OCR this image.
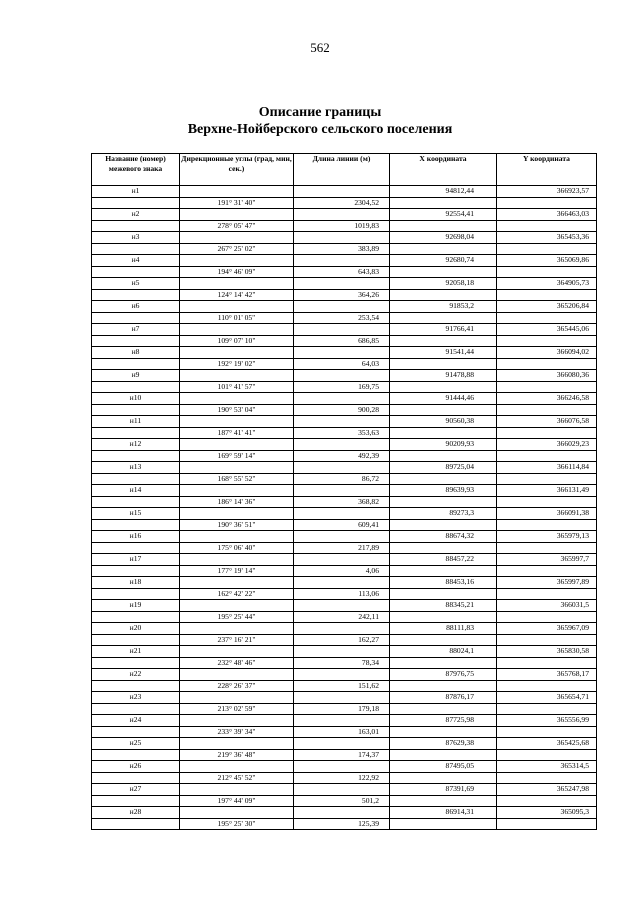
562
Описание границы
Верхне-Нойберского сельского поселения
Название (номер) межевого знака	Дирекционные углы (град, мин, сек.)	Длина линии (м)	X координата	Y координата
н1			94812,44	366923,57
	191° 31' 40"	2304,52		
н2			92554,41	366463,03
	278° 05' 47"	1019,83		
н3			92698,04	365453,36
	267° 25' 02"	383,89		
н4			92680,74	365069,86
	194° 46' 09"	643,83		
н5			92058,18	364905,73
	124° 14' 42"	364,26		
н6			91853,2	365206,84
	110° 01' 05"	253,54		
н7			91766,41	365445,06
	109° 07' 10"	686,85		
н8			91541,44	366094,02
	192° 19' 02"	64,03		
н9			91478,88	366080,36
	101° 41' 57"	169,75		
н10			91444,46	366246,58
	190° 53' 04"	900,28		
н11			90560,38	366076,58
	187° 41' 41"	353,63		
н12			90209,93	366029,23
	169° 59' 14"	492,39		
н13			89725,04	366114,84
	168° 55' 52"	86,72		
н14			89639,93	366131,49
	186° 14' 36"	368,82		
н15			89273,3	366091,38
	190° 36' 51"	609,41		
н16			88674,32	365979,13
	175° 06' 40"	217,89		
н17			88457,22	365997,7
	177° 19' 14"	4,06		
н18			88453,16	365997,89
	162° 42' 22"	113,06		
н19			88345,21	366031,5
	195° 25' 44"	242,11		
н20			88111,83	365967,09
	237° 16' 21"	162,27		
н21			88024,1	365830,58
	232° 48' 46"	78,34		
н22			87976,75	365768,17
	228° 26' 37"	151,62		
н23			87876,17	365654,71
	213° 02' 59"	179,18		
н24			87725,98	365556,99
	233° 39' 34"	163,01		
н25			87629,38	365425,68
	219° 36' 48"	174,37		
н26			87495,05	365314,5
	212° 45' 52"	122,92		
н27			87391,69	365247,98
	197° 44' 09"	501,2		
н28			86914,31	365095,3
	195° 25' 30"	125,39		
